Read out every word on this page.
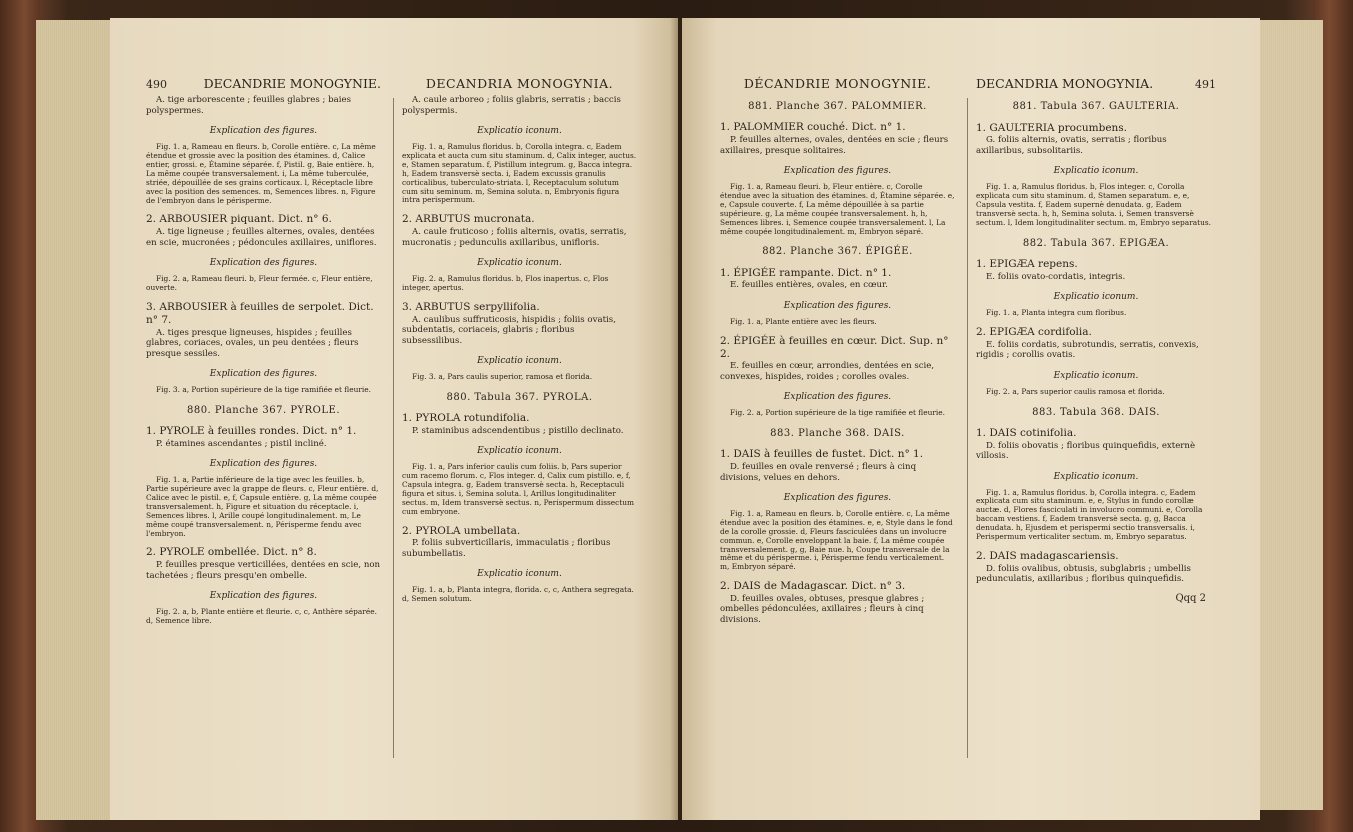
490	DECANDRIE MONOGYNIE.

A. tige arborescente ; feuilles glabres ; baies polyspermes.

Explication des figures.

Fig. 1. a, Rameau en fleurs. b, Corolle entière. c, La même étendue et grossie avec la position des étamines. d, Calice entier, grossi. e, Étamine séparée. f, Pistil. g, Baie entière. h, La même coupée transversalement. i, La même tuberculée, striée, dépouillée de ses grains corticaux. l, Réceptacle libre avec la position des semences. m, Semences libres. n, Figure de l'embryon dans le périsperme.

2. ARBOUSIER piquant. Dict. n° 6.

A. tige ligneuse ; feuilles alternes, ovales, dentées en scie, mucronées ; pédoncules axillaires, uniflores.

Explication des figures.

Fig. 2. a, Rameau fleuri. b, Fleur fermée. c, Fleur entière, ouverte.

3. ARBOUSIER à feuilles de serpolet. Dict. n° 7.

A. tiges presque ligneuses, hispides ; feuilles glabres, coriaces, ovales, un peu dentées ; fleurs presque sessiles.

Explication des figures.

Fig. 3. a, Portion supérieure de la tige ramifiée et fleurie.

880. Planche 367. PYROLE.
1. PYROLE à feuilles rondes. Dict. n° 1.

P. étamines ascendantes ; pistil incliné.

Explication des figures.

Fig. 1. a, Partie inférieure de la tige avec les feuilles. b, Partie supérieure avec la grappe de fleurs. c, Fleur entière. d, Calice avec le pistil. e, f, Capsule entière. g, La même coupée transversalement. h, Figure et situation du réceptacle. i, Semences libres. l, Arille coupé longitudinalement. m, Le même coupé transversalement. n, Périsperme fendu avec l'embryon.

2. PYROLE ombellée. Dict. n° 8.

P. feuilles presque verticillées, dentées en scie, non tachetées ; fleurs presqu'en ombelle.

Explication des figures.

Fig. 2. a, b, Plante entière et fleurie. c, c, Anthère séparée. d, Semence libre.

DECANDRIA MONOGYNIA.

A. caule arboreo ; foliis glabris, serratis ; baccis polyspermis.

Explicatio iconum.

Fig. 1. a, Ramulus floridus. b, Corolla integra. c, Eadem explicata et aucta cum situ staminum. d, Calix integer, auctus. e, Stamen separatum. f, Pistillum integrum. g, Bacca integra. h, Eadem transversè secta. i, Eadem excussis granulis corticalibus, tuberculato-striata. l, Receptaculum solutum cum situ seminum. m, Semina soluta. n, Embryonis figura intra perispermum.

2. ARBUTUS mucronata.

A. caule fruticoso ; foliis alternis, ovatis, serratis, mucronatis ; pedunculis axillaribus, unifloris.

Explicatio iconum.

Fig. 2. a, Ramulus floridus. b, Flos inapertus. c, Flos integer, apertus.

3. ARBUTUS serpyllifolia.

A. caulibus suffruticosis, hispidis ; foliis ovatis, subdentatis, coriaceis, glabris ; floribus subsessilibus.

Explicatio iconum.

Fig. 3. a, Pars caulis superior, ramosa et florida.

880. Tabula 367. PYROLA.
1. PYROLA rotundifolia.

P. staminibus adscendentibus ; pistillo declinato.

Explicatio iconum.

Fig. 1. a, Pars inferior caulis cum foliis. b, Pars superior cum racemo florum. c, Flos integer. d, Calix cum pistillo. e, f, Capsula integra. g, Eadem transversè secta. h, Receptaculi figura et situs. i, Semina soluta. l, Arillus longitudinaliter sectus. m, Idem transversè sectus. n, Perispermum dissectum cum embryone.

2. PYROLA umbellata.

P. foliis subverticillaris, immaculatis ; floribus subumbellatis.

Explicatio iconum.

Fig. 1. a, b, Planta integra, florida. c, c, Anthera segregata. d, Semen solutum.

DÉCANDRIE MONOGYNIE.
881. Planche 367. PALOMMIER.
1. PALOMMIER couché. Dict. n° 1.

P. feuilles alternes, ovales, dentées en scie ; fleurs axillaires, presque solitaires.

Explication des figures.

Fig. 1. a, Rameau fleuri. b, Fleur entière. c, Corolle étendue avec la situation des étamines. d, Étamine séparée. e, e, Capsule couverte. f, La même dépouillée à sa partie supérieure. g, La même coupée transversalement. h, h, Semences libres. i, Semence coupée transversalement. l, La même coupée longitudinalement. m, Embryon séparé.

882. Planche 367. ÉPIGÉE.
1. ÉPIGÉE rampante. Dict. n° 1.

E. feuilles entières, ovales, en cœur.

Explication des figures.

Fig. 1. a, Plante entière avec les fleurs.

2. ÉPIGÉE à feuilles en cœur. Dict. Sup. n° 2.

E. feuilles en cœur, arrondies, dentées en scie, convexes, hispides, roides ; corolles ovales.

Explication des figures.

Fig. 2. a, Portion supérieure de la tige ramifiée et fleurie.

883. Planche 368. DAIS.
1. DAIS à feuilles de fustet. Dict. n° 1.

D. feuilles en ovale renversé ; fleurs à cinq divisions, velues en dehors.

Explication des figures.

Fig. 1. a, Rameau en fleurs. b, Corolle entière. c, La même étendue avec la position des étamines. e, e, Style dans le fond de la corolle grossie. d, Fleurs fasciculées dans un involucre commun. e, Corolle enveloppant la baie. f, La même coupée transversalement. g, g, Baie nue. h, Coupe transversale de la même et du périsperme. i, Périsperme fendu verticalement. m, Embryon séparé.

2. DAIS de Madagascar. Dict. n° 3.

D. feuilles ovales, obtuses, presque glabres ; ombelles pédonculées, axillaires ; fleurs à cinq divisions.

DECANDRIA MONOGYNIA.	491
881. Tabula 367. GAULTERIA.
1. GAULTERIA procumbens.

G. foliis alternis, ovatis, serratis ; floribus axillaribus, subsolitariis.

Explicatio iconum.

Fig. 1. a, Ramulus floridus. b, Flos integer. c, Corolla explicata cum situ staminum. d, Stamen separatum. e, e, Capsula vestita. f, Eadem supernè denudata. g, Eadem transversè secta. h, h, Semina soluta. i, Semen transversè sectum. l, Idem longitudinaliter sectum. m, Embryo separatus.

882. Tabula 367. EPIGÆA.
1. EPIGÆA repens.

E. foliis ovato-cordatis, integris.

Explicatio iconum.

Fig. 1. a, Planta integra cum floribus.

2. EPIGÆA cordifolia.

E. foliis cordatis, subrotundis, serratis, convexis, rigidis ; corollis ovatis.

Explicatio iconum.

Fig. 2. a, Pars superior caulis ramosa et florida.

883. Tabula 368. DAIS.
1. DAIS cotinifolia.

D. foliis obovatis ; floribus quinquefidis, externè villosis.

Explicatio iconum.

Fig. 1. a, Ramulus floridus. b, Corolla integra. c, Eadem explicata cum situ staminum. e, e, Stylus in fundo corollæ auctæ. d, Flores fasciculati in involucro communi. e, Corolla baccam vestiens. f, Eadem transversè secta. g, g, Bacca denudata. h, Ejusdem et perispermi sectio transversalis. i, Perispermum verticaliter sectum. m, Embryo separatus.

2. DAIS madagascariensis.

D. foliis ovalibus, obtusis, subglabris ; umbellis pedunculatis, axillaribus ; floribus quinquefidis.

Qqq 2
